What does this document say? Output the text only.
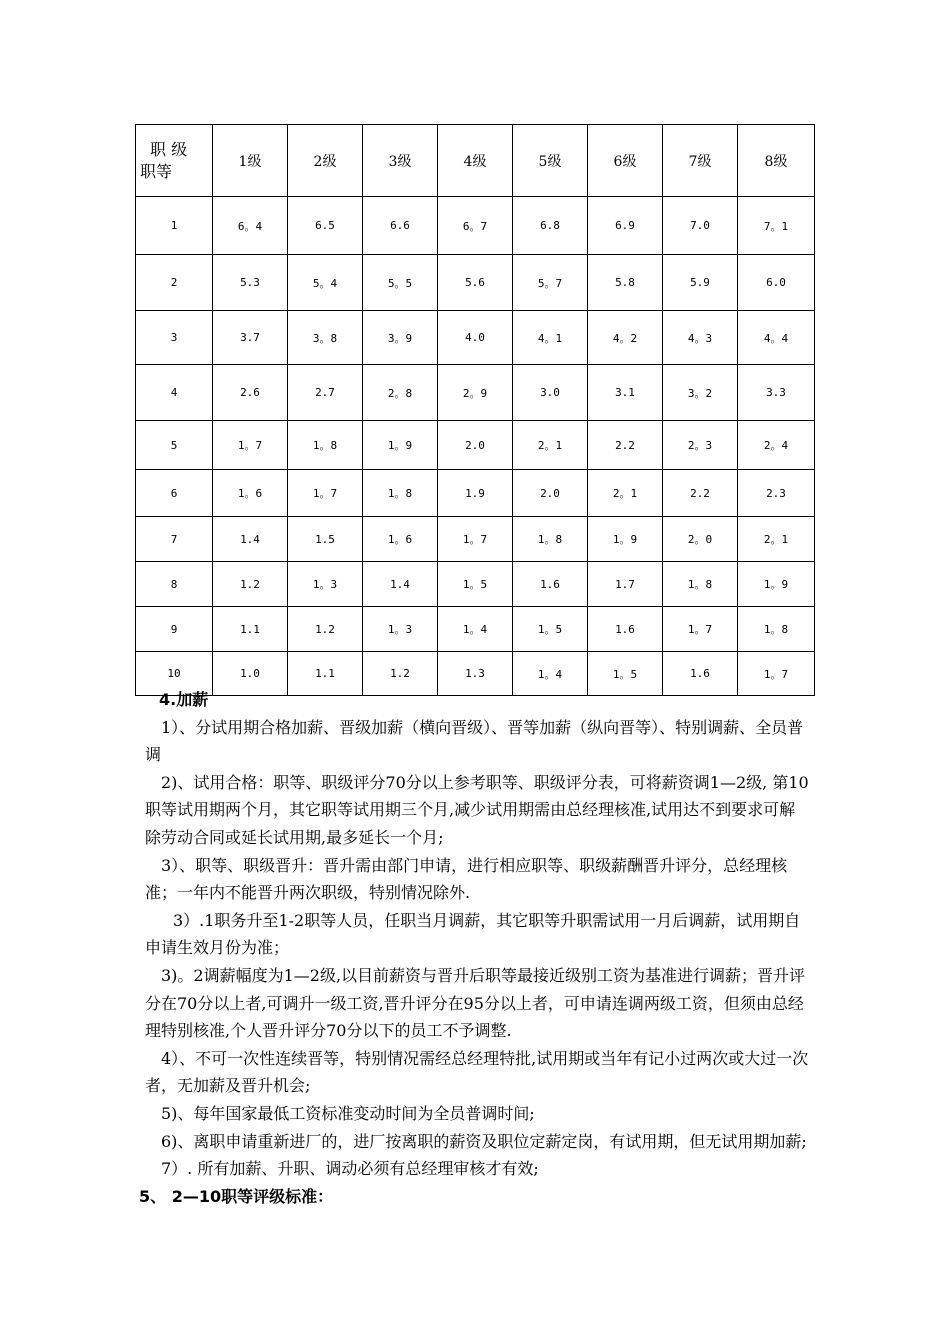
职 级
职等	1级	2级	3级	4级	5级	6级	7级	8级
1	6。4	6.5	6.6	6。7	6.8	6.9	7.0	7。1
2	5.3	5。4	5。5	5.6	5。7	5.8	5.9	6.0
3	3.7	3。8	3。9	4.0	4。1	4。2	4。3	4。4
4	2.6	2.7	2。8	2。9	3.0	3.1	3。2	3.3
5	1。7	1。8	1。9	2.0	2。1	2.2	2。3	2。4
6	1。6	1。7	1。8	1.9	2.0	2。1	2.2	2.3
7	1.4	1.5	1。6	1。7	1。8	1。9	2。0	2。1
8	1.2	1。3	1.4	1。5	1.6	1.7	1。8	1。9
9	1.1	1.2	1。3	1。4	1。5	1.6	1。7	1。8
10	1.0	1.1	1.2	1.3	1。4	1。5	1.6	1。7

4.加薪

1）、分试用期合格加薪、晋级加薪（横向晋级）、晋等加薪（纵向晋等）、特别调薪、全员普调

2)、试用合格：职等、职级评分70分以上参考职等、职级评分表，可将薪资调1—2级, 第10职等试用期两个月，其它职等试用期三个月,减少试用期需由总经理核准,试用达不到要求可解除劳动合同或延长试用期,最多延长一个月;

3）、职等、职级晋升：晋升需由部门申请，进行相应职等、职级薪酬晋升评分，总经理核准；一年内不能晋升两次职级，特别情况除外.

3）.1职务升至1-2职等人员，任职当月调薪，其它职等升职需试用一月后调薪，试用期自申请生效月份为准；

3)。2调薪幅度为1—2级,以目前薪资与晋升后职等最接近级别工资为基准进行调薪；晋升评分在70分以上者,可调升一级工资,晋升评分在95分以上者，可申请连调两级工资，但须由总经理特别核准,个人晋升评分70分以下的员工不予调整.

4）、不可一次性连续晋等，特别情况需经总经理特批,试用期或当年有记小过两次或大过一次者，无加薪及晋升机会;

5)、每年国家最低工资标准变动时间为全员普调时间;

6)、离职申请重新进厂的，进厂按离职的薪资及职位定薪定岗，有试用期，但无试用期加薪;

7）. 所有加薪、升职、调动必须有总经理审核才有效;

5、 2—10职等评级标准：
